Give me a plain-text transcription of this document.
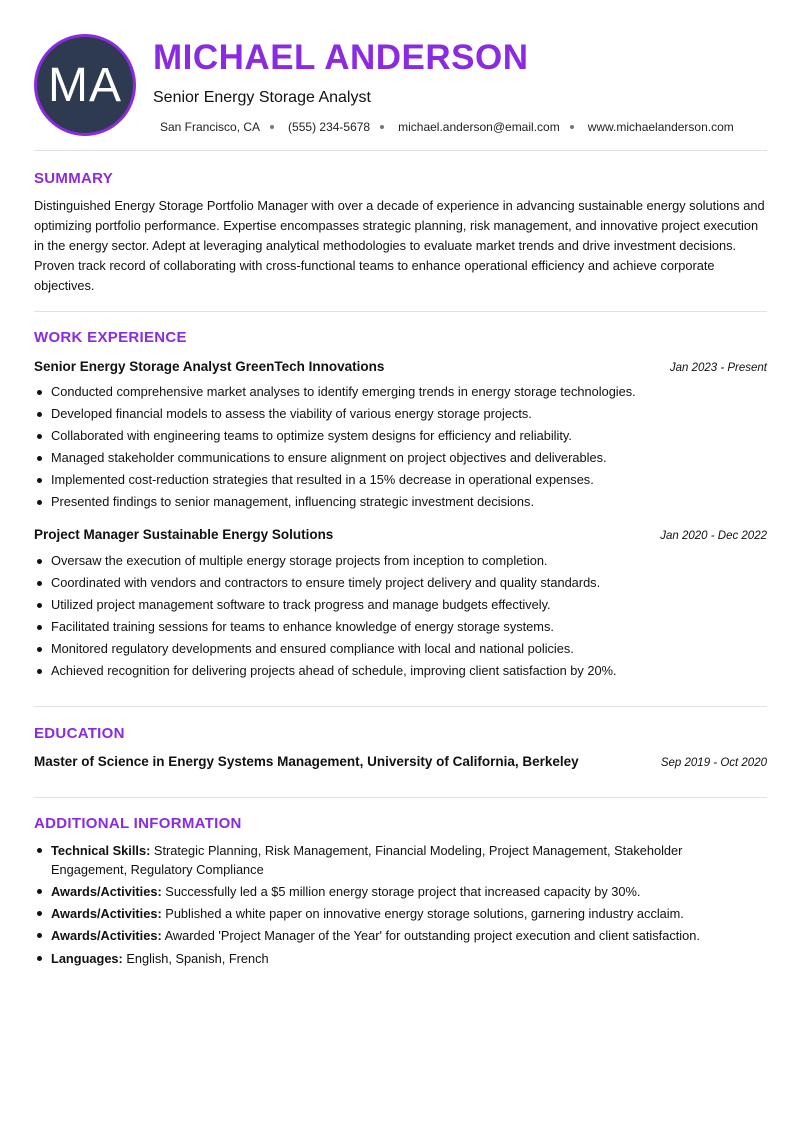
MA
MICHAEL ANDERSON
Senior Energy Storage Analyst
San Francisco, CA (555) 234-5678 michael.anderson@email.com www.michaelanderson.com
SUMMARY
Distinguished Energy Storage Portfolio Manager with over a decade of experience in advancing sustainable energy solutions and optimizing portfolio performance. Expertise encompasses strategic planning, risk management, and innovative project execution in the energy sector. Adept at leveraging analytical methodologies to evaluate market trends and drive investment decisions. Proven track record of collaborating with cross-functional teams to enhance operational efficiency and achieve corporate objectives.
WORK EXPERIENCE
Senior Energy Storage Analyst GreenTech Innovations	Jan 2023 - Present
Conducted comprehensive market analyses to identify emerging trends in energy storage technologies.
Developed financial models to assess the viability of various energy storage projects.
Collaborated with engineering teams to optimize system designs for efficiency and reliability.
Managed stakeholder communications to ensure alignment on project objectives and deliverables.
Implemented cost-reduction strategies that resulted in a 15% decrease in operational expenses.
Presented findings to senior management, influencing strategic investment decisions.
Project Manager Sustainable Energy Solutions	Jan 2020 - Dec 2022
Oversaw the execution of multiple energy storage projects from inception to completion.
Coordinated with vendors and contractors to ensure timely project delivery and quality standards.
Utilized project management software to track progress and manage budgets effectively.
Facilitated training sessions for teams to enhance knowledge of energy storage systems.
Monitored regulatory developments and ensured compliance with local and national policies.
Achieved recognition for delivering projects ahead of schedule, improving client satisfaction by 20%.
EDUCATION
Master of Science in Energy Systems Management, University of California, Berkeley	Sep 2019 - Oct 2020
ADDITIONAL INFORMATION
Technical Skills: Strategic Planning, Risk Management, Financial Modeling, Project Management, Stakeholder Engagement, Regulatory Compliance
Awards/Activities: Successfully led a $5 million energy storage project that increased capacity by 30%.
Awards/Activities: Published a white paper on innovative energy storage solutions, garnering industry acclaim.
Awards/Activities: Awarded 'Project Manager of the Year' for outstanding project execution and client satisfaction.
Languages: English, Spanish, French
